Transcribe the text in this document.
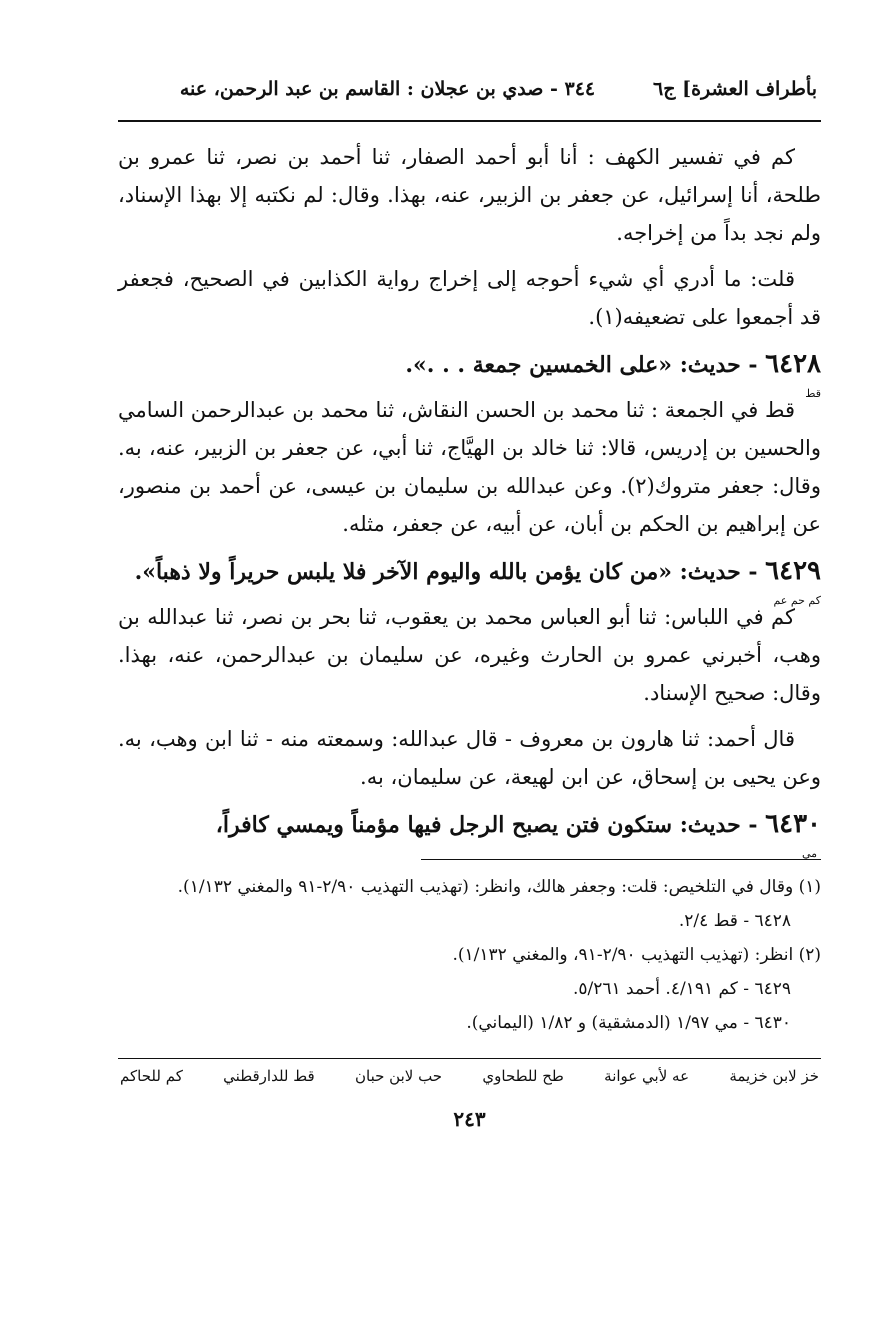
بأطراف العشرة] ج٦
٣٤٤ - صدي بن عجلان : القاسم بن عبد الرحمن، عنه

كم في تفسير الكهف : أنا أبو أحمد الصفار، ثنا أحمد بن نصر، ثنا عمرو بن طلحة، أنا إسرائيل، عن جعفر بن الزبير، عنه، بهذا. وقال: لم نكتبه إلا بهذا الإسناد، ولم نجد بداً من إخراجه.

قلت: ما أدري أي شيء أحوجه إلى إخراج رواية الكذابين في الصحيح، فجعفر قد أجمعوا على تضعيفه(١).

٦٤٢٨ - حديث: «على الخمسين جمعة . . .».
قط

قط في الجمعة : ثنا محمد بن الحسن النقاش، ثنا محمد بن عبدالرحمن السامي والحسين بن إدريس، قالا: ثنا خالد بن الهيَّاج، ثنا أبي، عن جعفر بن الزبير، عنه، به. وقال: جعفر متروك(٢). وعن عبدالله بن سليمان بن عيسى، عن أحمد بن منصور، عن إبراهيم بن الحكم بن أبان، عن أبيه، عن جعفر، مثله.

٦٤٢٩ - حديث: «من كان يؤمن بالله واليوم الآخر فلا يلبس حريراً ولا ذهباً».
كم حم عم

كم في اللباس: ثنا أبو العباس محمد بن يعقوب، ثنا بحر بن نصر، ثنا عبدالله بن وهب، أخبرني عمرو بن الحارث وغيره، عن سليمان بن عبدالرحمن، عنه، بهذا. وقال: صحيح الإسناد.

قال أحمد: ثنا هارون بن معروف - قال عبدالله: وسمعته منه - ثنا ابن وهب، به. وعن يحيى بن إسحاق، عن ابن لهيعة، عن سليمان، به.

٦٤٣٠ - حديث: ستكون فتن يصبح الرجل فيها مؤمناً ويمسي كافراً،
مي

(١) وقال في التلخيص: قلت: وجعفر هالك، وانظر: (تهذيب التهذيب ٢/٩٠-٩١ والمغني ١/١٣٢).

٦٤٢٨ - قط ٢/٤.

(٢) انظر: (تهذيب التهذيب ٢/٩٠-٩١، والمغني ١/١٣٢).

٦٤٢٩ - كم ٤/١٩١. أحمد ٥/٢٦١.

٦٤٣٠ - مي ١/٩٧ (الدمشقية) و ١/٨٢ (اليماني).

خز لابن خزيمة
عه لأبي عوانة
طح للطحاوي
حب لابن حبان
قط للدارقطني
كم للحاكم
٢٤٣
